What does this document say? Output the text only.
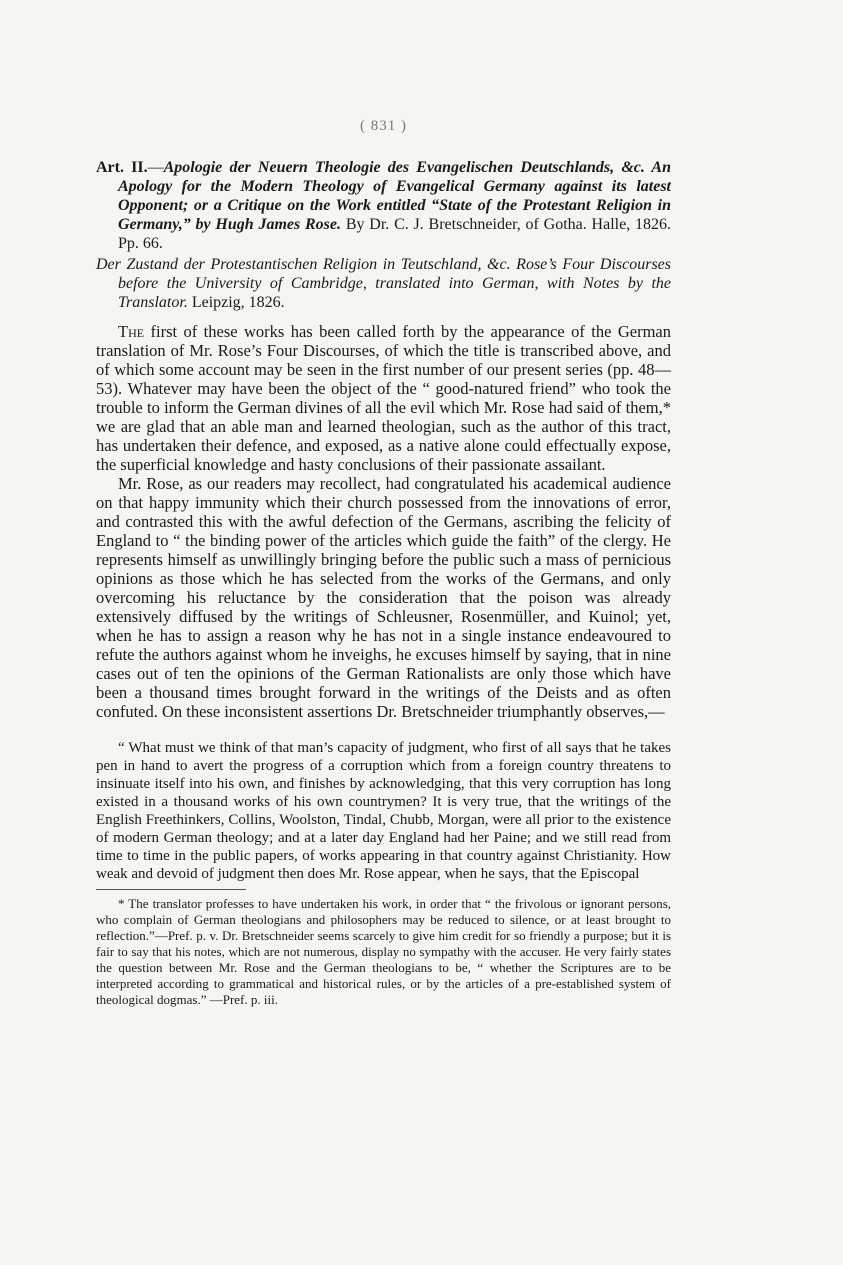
( 831 )

Art. II.—Apologie der Neuern Theologie des Evangelischen Deutschlands, &c. An Apology for the Modern Theology of Evangelical Germany against its latest Opponent; or a Critique on the Work entitled “State of the Protestant Religion in Germany,” by Hugh James Rose. By Dr. C. J. Bretschneider, of Gotha. Halle, 1826. Pp. 66.

Der Zustand der Protestantischen Religion in Teutschland, &c. Rose’s Four Discourses before the University of Cambridge, translated into German, with Notes by the Translator. Leipzig, 1826.

The first of these works has been called forth by the appearance of the German translation of Mr. Rose’s Four Discourses, of which the title is transcribed above, and of which some account may be seen in the first number of our present series (pp. 48—53). Whatever may have been the object of the “ good-natured friend” who took the trouble to inform the German divines of all the evil which Mr. Rose had said of them,* we are glad that an able man and learned theologian, such as the author of this tract, has undertaken their defence, and exposed, as a native alone could effectually expose, the superficial knowledge and hasty conclusions of their passionate assailant.

Mr. Rose, as our readers may recollect, had congratulated his academical audience on that happy immunity which their church possessed from the innovations of error, and contrasted this with the awful defection of the Germans, ascribing the felicity of England to “ the binding power of the articles which guide the faith” of the clergy. He represents himself as unwillingly bringing before the public such a mass of pernicious opinions as those which he has selected from the works of the Germans, and only overcoming his reluctance by the consideration that the poison was already extensively diffused by the writings of Schleusner, Rosenmüller, and Kuinol; yet, when he has to assign a reason why he has not in a single instance endeavoured to refute the authors against whom he inveighs, he excuses himself by saying, that in nine cases out of ten the opinions of the German Rationalists are only those which have been a thousand times brought forward in the writings of the Deists and as often confuted. On these inconsistent assertions Dr. Bretschneider triumphantly observes,—

“ What must we think of that man’s capacity of judgment, who first of all says that he takes pen in hand to avert the progress of a corruption which from a foreign country threatens to insinuate itself into his own, and finishes by acknowledging, that this very corruption has long existed in a thousand works of his own countrymen? It is very true, that the writings of the English Freethinkers, Collins, Woolston, Tindal, Chubb, Morgan, were all prior to the existence of modern German theology; and at a later day England had her Paine; and we still read from time to time in the public papers, of works appearing in that country against Christianity. How weak and devoid of judgment then does Mr. Rose appear, when he says, that the Episcopal

* The translator professes to have undertaken his work, in order that “ the frivolous or ignorant persons, who complain of German theologians and philosophers may be reduced to silence, or at least brought to reflection.”—Pref. p. v. Dr. Bretschneider seems scarcely to give him credit for so friendly a purpose; but it is fair to say that his notes, which are not numerous, display no sympathy with the accuser. He very fairly states the question between Mr. Rose and the German theologians to be, “ whether the Scriptures are to be interpreted according to grammatical and historical rules, or by the articles of a pre-established system of theological dogmas.” —Pref. p. iii.
